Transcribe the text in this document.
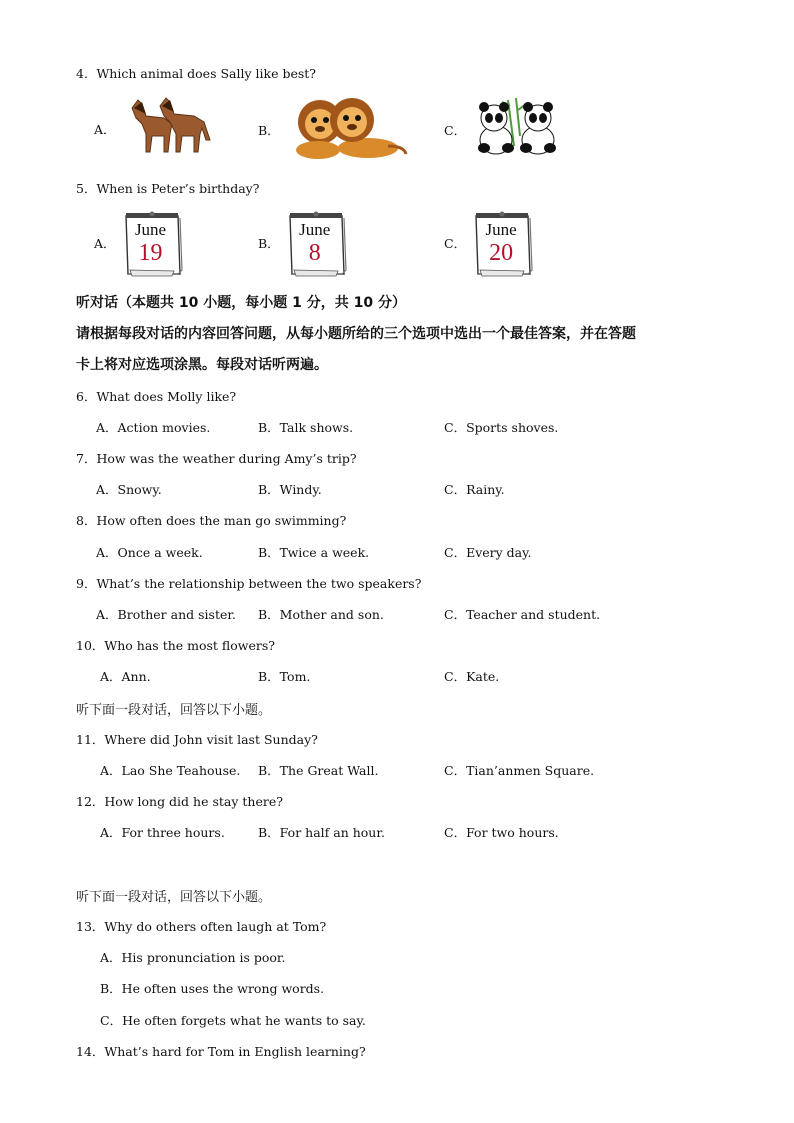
4．Which animal does Sally like best?
A．	B．	C．
5．When is Peter’s birthday?
A．
June
19	B．
June
8	C．
June
20
听对话（本题共 10 小题，每小题 1 分，共 10 分）
请根据每段对话的内容回答问题，从每小题所给的三个选项中选出一个最佳答案，并在答题
卡上将对应选项涂黑。每段对话听两遍。
6．What does Molly like?
A．Action movies.	B．Talk shows.	C．Sports shoves.
7．How was the weather during Amy’s trip?
A．Snowy.	B．Windy.	C．Rainy.
8．How often does the man go swimming?
A．Once a week.	B．Twice a week.	C．Every day.
9．What’s the relationship between the two speakers?
A．Brother and sister. B．Mother and son.	C．Teacher and student.
10．Who has the most flowers?
A．Ann.	B．Tom.	C．Kate.
听下面一段对话，回答以下小题。
11．Where did John visit last Sunday?
A．Lao She Teahouse. B．The Great Wall.	C．Tian’anmen Square.
12．How long did he stay there?
A．For three hours.	B．For half an hour.	C．For two hours.
听下面一段对话，回答以下小题。
13．Why do others often laugh at Tom?
A．His pronunciation is poor.
B．He often uses the wrong words.
C．He often forgets what he wants to say.
14．What’s hard for Tom in English learning?
